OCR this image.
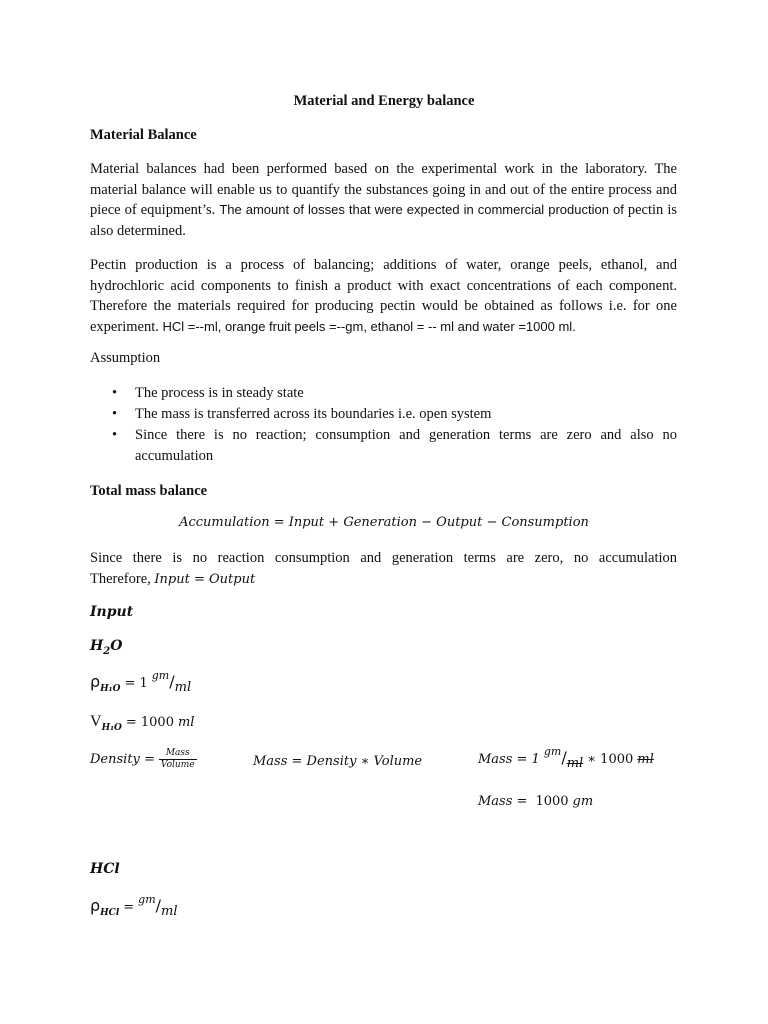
Material and Energy balance
Material Balance

Material balances had been performed based on the experimental work in the laboratory. The material balance will enable us to quantify the substances going in and out of the entire process and piece of equipment’s. The amount of losses that were expected in commercial production of pectin is also determined.

Pectin production is a process of balancing; additions of water, orange peels, ethanol, and hydrochloric acid components to finish a product with exact concentrations of each component. Therefore the materials required for producing pectin would be obtained as follows i.e. for one experiment. HCl =--ml, orange fruit peels =--gm, ethanol = -- ml and water =1000 ml.

Assumption
• The process is in steady state
• The mass is transferred across its boundaries i.e. open system
• Since there is no reaction; consumption and generation terms are zero and also no accumulation
Total mass balance
Accumulation = Input + Generation − Output − Consumption

Since there is no reaction consumption and generation terms are zero, no accumulation

Therefore, Input = Output

Input
$H_2O$
$\rho_{H_1O} = 1$ $^{gm}/_{ml}$
$V_{H_1O} = 1000$ ml
Density = $\frac{\text{Mass}}{\text{Volume}}$	Mass = Density ∗ Volume	Mass = 1 $^{gm}/_{ml}$ ∗ 1000 ml
Mass = 1000 gm
HCl
$\rho_{HCl} = ^{gm}/_{ml}$
